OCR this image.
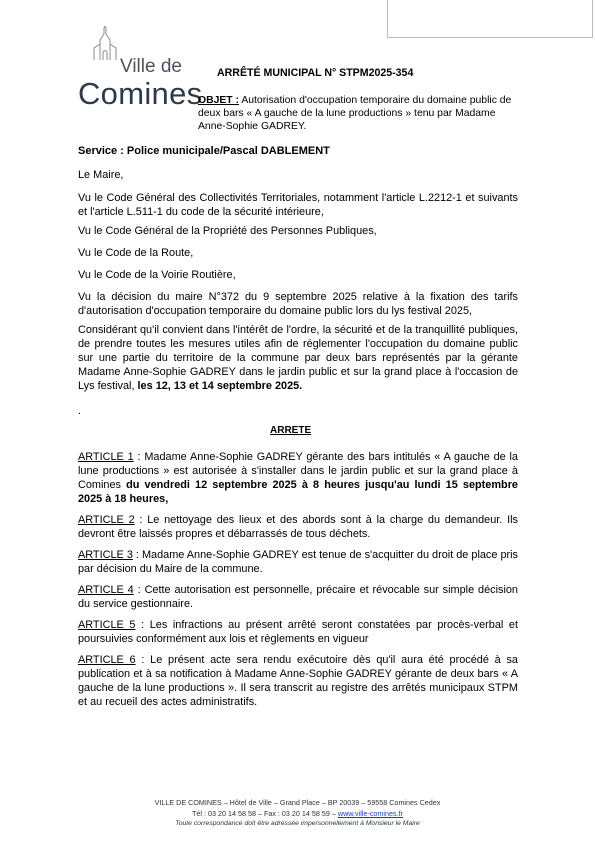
Ville de
Comines
ARRÊTÉ MUNICIPAL N° STPM2025-354
OBJET : Autorisation d'occupation temporaire du domaine public de deux bars « A gauche de la lune productions » tenu par Madame Anne-Sophie GADREY.
Service : Police municipale/Pascal DABLEMENT
Le Maire,
Vu le Code Général des Collectivités Territoriales, notamment l'article L.2212-1 et suivants et l'article L.511-1 du code de la sécurité intérieure,
Vu le Code Général de la Propriété des Personnes Publiques,
Vu le Code de la Route,
Vu le Code de la Voirie Routière,
Vu la décision du maire N°372 du 9 septembre 2025 relative à la fixation des tarifs d'autorisation d'occupation temporaire du domaine public lors du lys festival 2025,
Considérant qu'il convient dans l'intérêt de l'ordre, la sécurité et de la tranquillité publiques, de prendre toutes les mesures utiles afin de réglementer l'occupation du domaine public sur une partie du territoire de la commune par deux bars représentés par la gérante Madame Anne-Sophie GADREY dans le jardin public et sur la grand place à l'occasion de Lys festival, les 12, 13 et 14 septembre 2025.
.
ARRETE
ARTICLE 1 : Madame Anne-Sophie GADREY gérante des bars intitulés « A gauche de la lune productions » est autorisée à s'installer dans le jardin public et sur la grand place à Comines du vendredi 12 septembre 2025 à 8 heures jusqu'au lundi 15 septembre 2025 à 18 heures,
ARTICLE 2 : Le nettoyage des lieux et des abords sont à la charge du demandeur. Ils devront être laissés propres et débarrassés de tous déchets.
ARTICLE 3 : Madame Anne-Sophie GADREY est tenue de s'acquitter du droit de place pris par décision du Maire de la commune.
ARTICLE 4 : Cette autorisation est personnelle, précaire et révocable sur simple décision du service gestionnaire.
ARTICLE 5 : Les infractions au présent arrêté seront constatées par procès-verbal et poursuivies conformément aux lois et règlements en vigueur
ARTICLE 6 : Le présent acte sera rendu exécutoire dès qu'il aura été procédé à sa publication et à sa notification à Madame Anne-Sophie GADREY gérante de deux bars « A gauche de la lune productions ». Il sera transcrit au registre des arrêtés municipaux STPM et au recueil des actes administratifs.
VILLE DE COMINES – Hôtel de Ville – Grand Place – BP 20039 – 59558 Comines Cedex
Tél : 03 20 14 58 58 – Fax : 03 20 14 58 59 – www.ville-comines.fr
Toute correspondance doit être adressée impersonnellement à Monsieur le Maire
